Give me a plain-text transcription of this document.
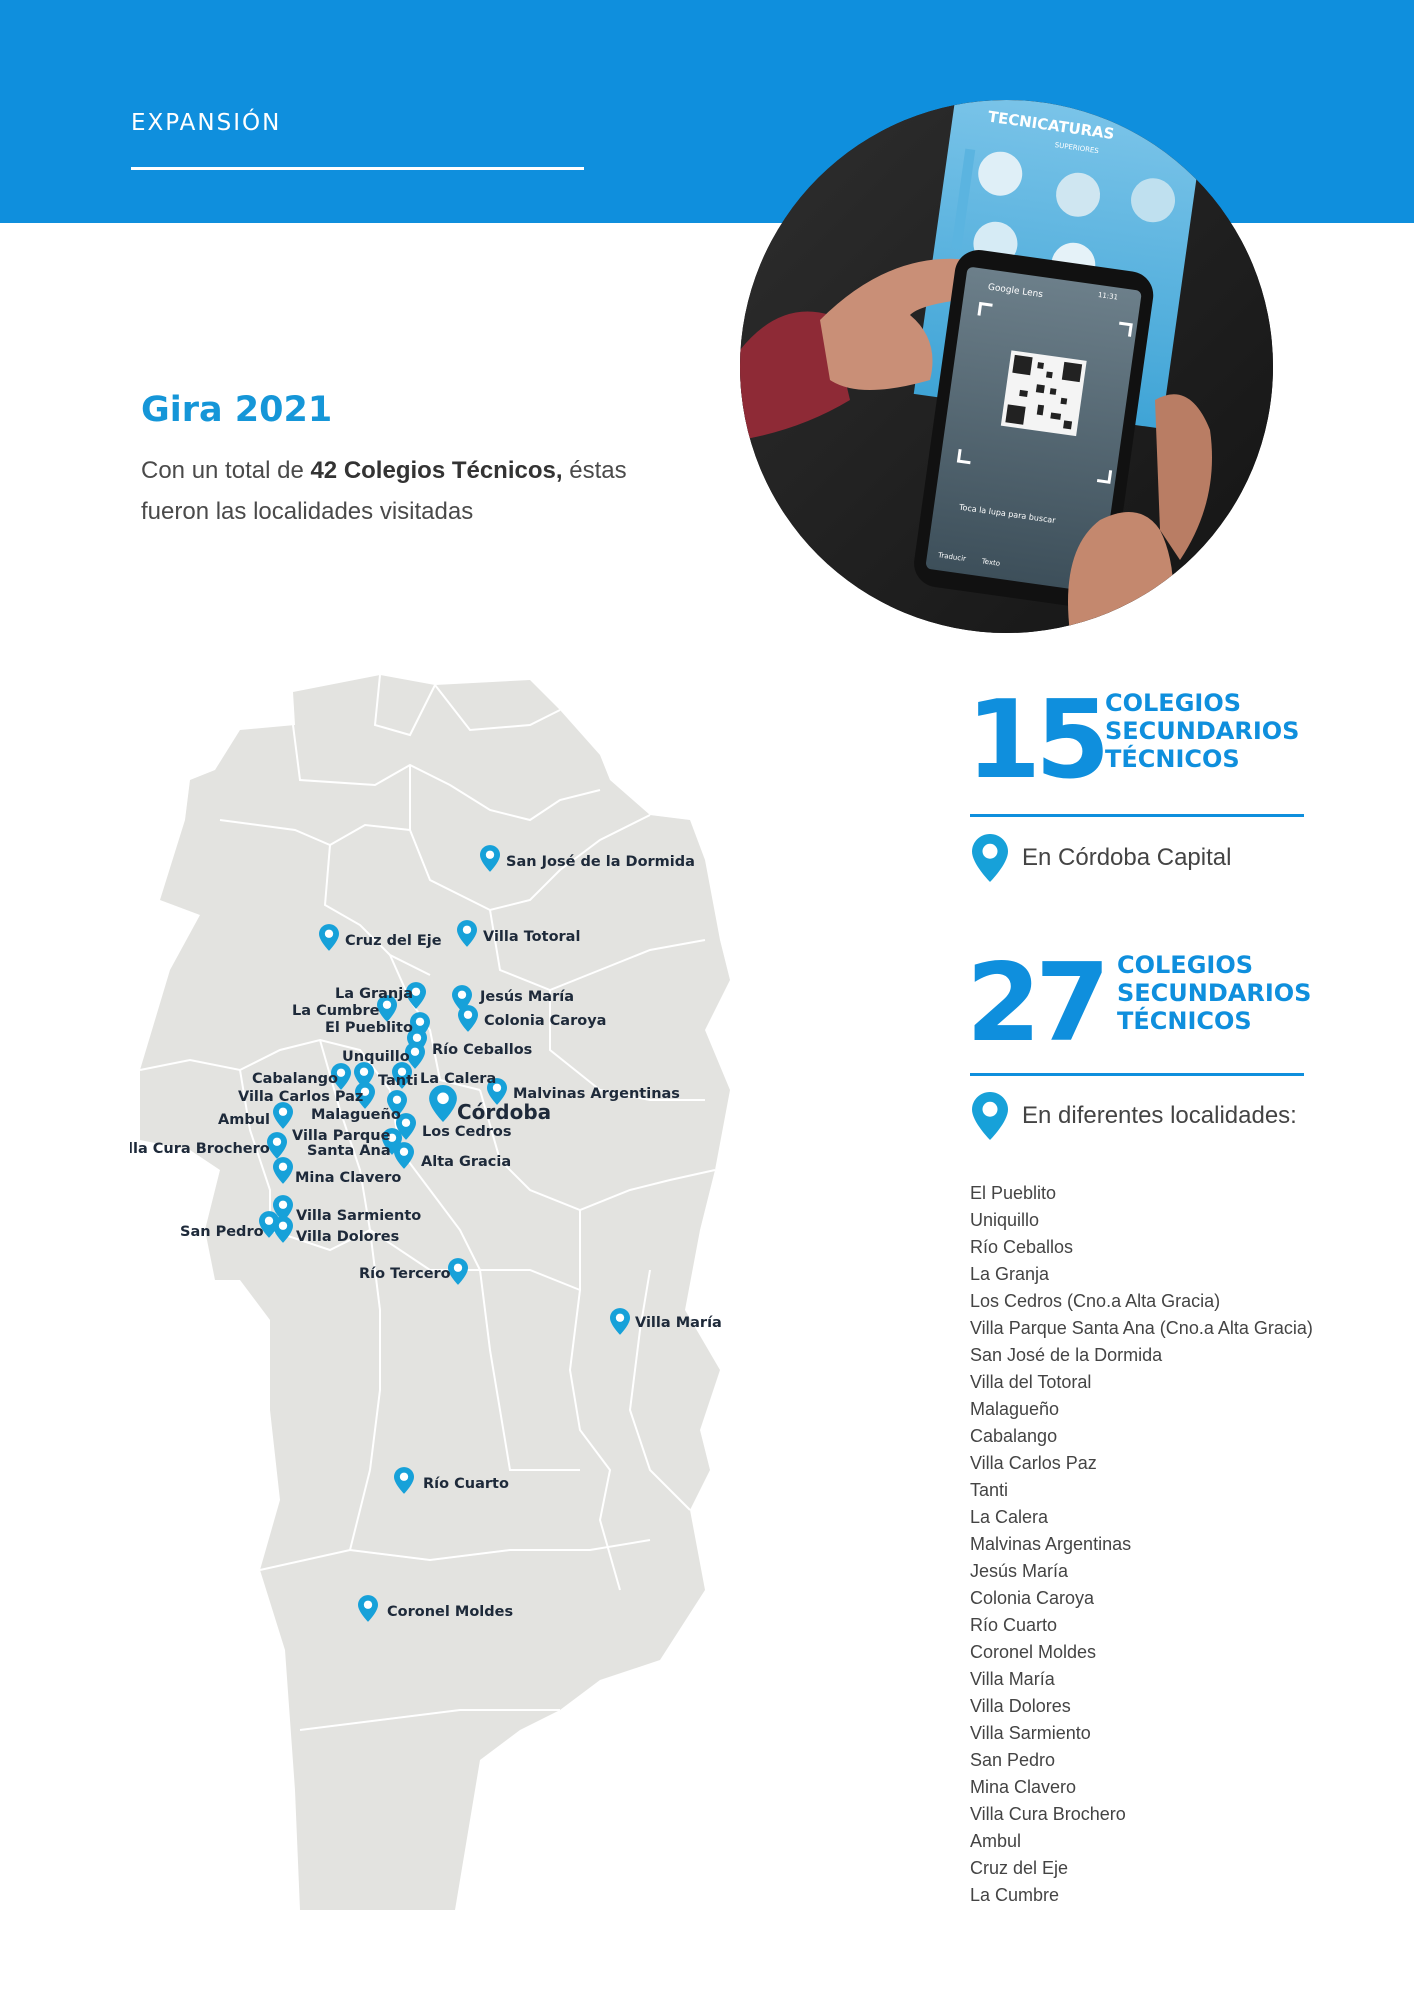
EXPANSIÓN	TECNICATURAS
SUPERIORES
Google Lens	11:31
Toca la lupa para buscar
Traducir Texto
Gira 2021
Con un total de 42 Colegios Técnicos, éstas fueron las localidades visitadas
San José de la Dormida
Cruz del Eje	Villa Totoral
La Granja	Jesús María
La Cumbre
Colonia Caroya
El Pueblito
Río Ceballos
Unquillo
Cabalango	Tanti La Calera
Villa Carlos Paz	Malvinas Argentinas
Malagueño	Córdoba
Ambul
Los Cedros
Villa Parque
lla Cura Brochero	Santa Ana
Alta Gracia
Mina Clavero
Villa Sarmiento
San Pedro Villa Dolores
Río Tercero
Villa María
Río Cuarto
Coronel Moldes
15 COLEGIOS
SECUNDARIOS
TÉCNICOS
En Córdoba Capital
27 COLEGIOS
SECUNDARIOS
TÉCNICOS
En diferentes localidades:
El Pueblito
Uniquillo
Río Ceballos
La Granja
Los Cedros (Cno.a Alta Gracia)
Villa Parque Santa Ana (Cno.a Alta Gracia)
San José de la Dormida
Villa del Totoral
Malagueño
Cabalango
Villa Carlos Paz
Tanti
La Calera
Malvinas Argentinas
Jesús María
Colonia Caroya
Río Cuarto
Coronel Moldes
Villa María
Villa Dolores
Villa Sarmiento
San Pedro
Mina Clavero
Villa Cura Brochero
Ambul
Cruz del Eje
La Cumbre
